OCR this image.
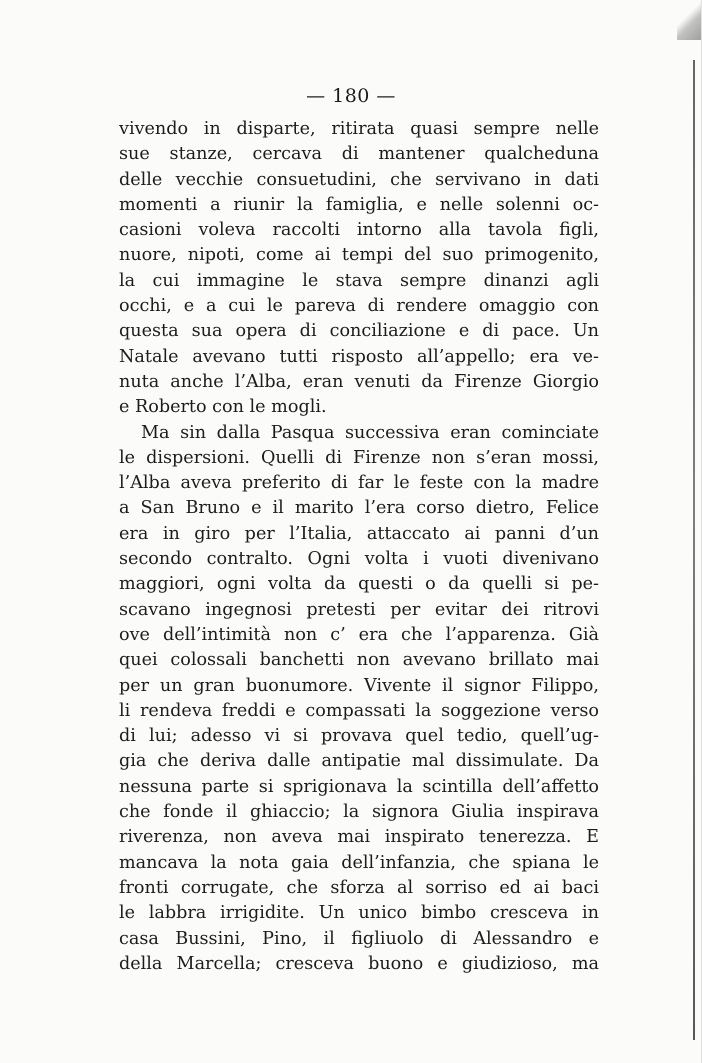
— 180 —
vivendo in disparte, ritirata quasi sempre nelle
sue stanze, cercava di mantener qualcheduna
delle vecchie consuetudini, che servivano in dati
momenti a riunir la famiglia, e nelle solenni oc-
casioni voleva raccolti intorno alla tavola figli,
nuore, nipoti, come ai tempi del suo primogenito,
la cui immagine le stava sempre dinanzi agli
occhi, e a cui le pareva di rendere omaggio con
questa sua opera di conciliazione e di pace. Un
Natale avevano tutti risposto all’appello; era ve-
nuta anche l’Alba, eran venuti da Firenze Giorgio
e Roberto con le mogli.
Ma sin dalla Pasqua successiva eran cominciate
le dispersioni. Quelli di Firenze non s’eran mossi,
l’Alba aveva preferito di far le feste con la madre
a San Bruno e il marito l’era corso dietro, Felice
era in giro per l’Italia, attaccato ai panni d’un
secondo contralto. Ogni volta i vuoti divenivano
maggiori, ogni volta da questi o da quelli si pe-
scavano ingegnosi pretesti per evitar dei ritrovi
ove dell’intimità non c’ era che l’apparenza. Già
quei colossali banchetti non avevano brillato mai
per un gran buonumore. Vivente il signor Filippo,
li rendeva freddi e compassati la soggezione verso
di lui; adesso vi si provava quel tedio, quell’ug-
gia che deriva dalle antipatie mal dissimulate. Da
nessuna parte si sprigionava la scintilla dell’affetto
che fonde il ghiaccio; la signora Giulia inspirava
riverenza, non aveva mai inspirato tenerezza. E
mancava la nota gaia dell’infanzia, che spiana le
fronti corrugate, che sforza al sorriso ed ai baci
le labbra irrigidite. Un unico bimbo cresceva in
casa Bussini, Pino, il figliuolo di Alessandro e
della Marcella; cresceva buono e giudizioso, ma
